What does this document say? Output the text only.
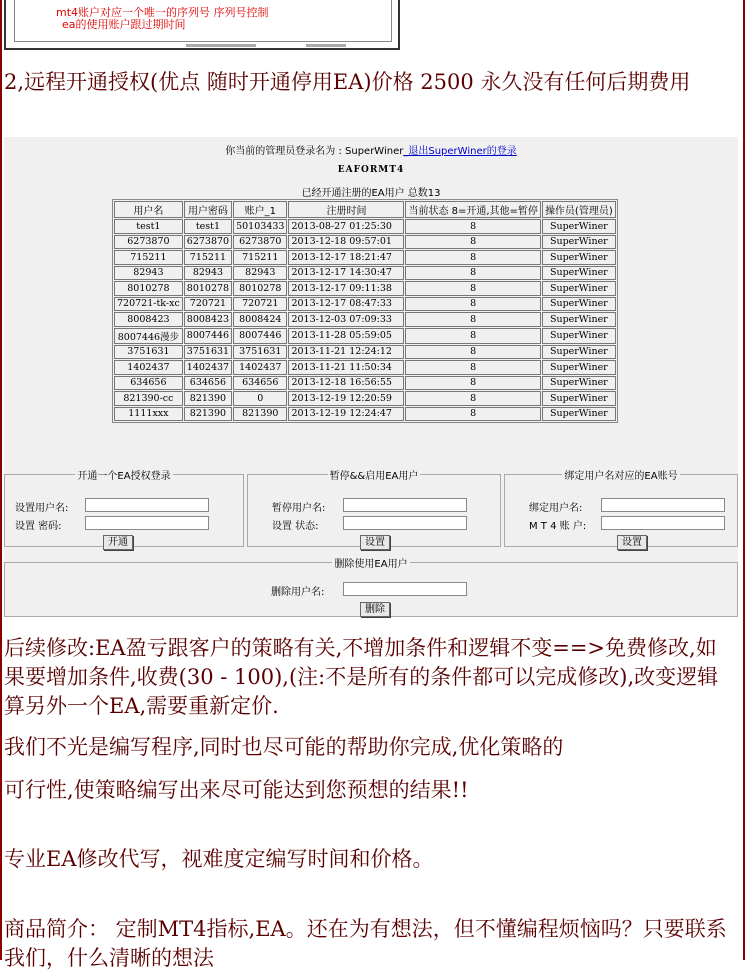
mt4账户对应一个唯一的序列号 序列号控制
ea的使用账户跟过期时间
2,远程开通授权(优点 随时开通停用EA)价格 2500 永久没有任何后期费用
你当前的管理员登录名为 : SuperWiner_退出SuperWiner的登录
EAFORMT4
已经开通注册的EA用户 总数13
用户名	用户密码	账户_1	注册时间	当前状态 8=开通,其他=暂停	操作员(管理员)
test1	test1	50103433	2013-08-27 01:25:30	8	SuperWiner
6273870	6273870	6273870	2013-12-18 09:57:01	8	SuperWiner
715211	715211	715211	2013-12-17 18:21:47	8	SuperWiner
82943	82943	82943	2013-12-17 14:30:47	8	SuperWiner
8010278	8010278	8010278	2013-12-17 09:11:38	8	SuperWiner
720721-tk-xc	720721	720721	2013-12-17 08:47:33	8	SuperWiner
8008423	8008423	8008424	2013-12-03 07:09:33	8	SuperWiner
8007446漫步	8007446	8007446	2013-11-28 05:59:05	8	SuperWiner
3751631	3751631	3751631	2013-11-21 12:24:12	8	SuperWiner
1402437	1402437	1402437	2013-11-21 11:50:34	8	SuperWiner
634656	634656	634656	2013-12-18 16:56:55	8	SuperWiner
821390-cc	821390	0	2013-12-19 12:20:59	8	SuperWiner
1111xxx	821390	821390	2013-12-19 12:24:47	8	SuperWiner
开通一个EA授权登录
设置用户名:
设置 密码:
开通
暂停&&启用EA用户
暂停用户名:
设置 状态:
设置
绑定用户名对应的EA账号
绑定用户名:
M T 4 账 户:
设置
删除使用EA用户
删除用户名:
删除
后续修改:EA盈亏跟客户的策略有关,不增加条件和逻辑不变==>免费修改,如果要增加条件,收费(30 - 100),(注:不是所有的条件都可以完成修改),改变逻辑算另外一个EA,需要重新定价.
我们不光是编写程序,同时也尽可能的帮助你完成,优化策略的
可行性,使策略编写出来尽可能达到您预想的结果!!
专业EA修改代写，视难度定编写时间和价格。
商品简介： 定制MT4指标,EA。还在为有想法，但不懂编程烦恼吗？只要联系我们，什么清晰的想法
